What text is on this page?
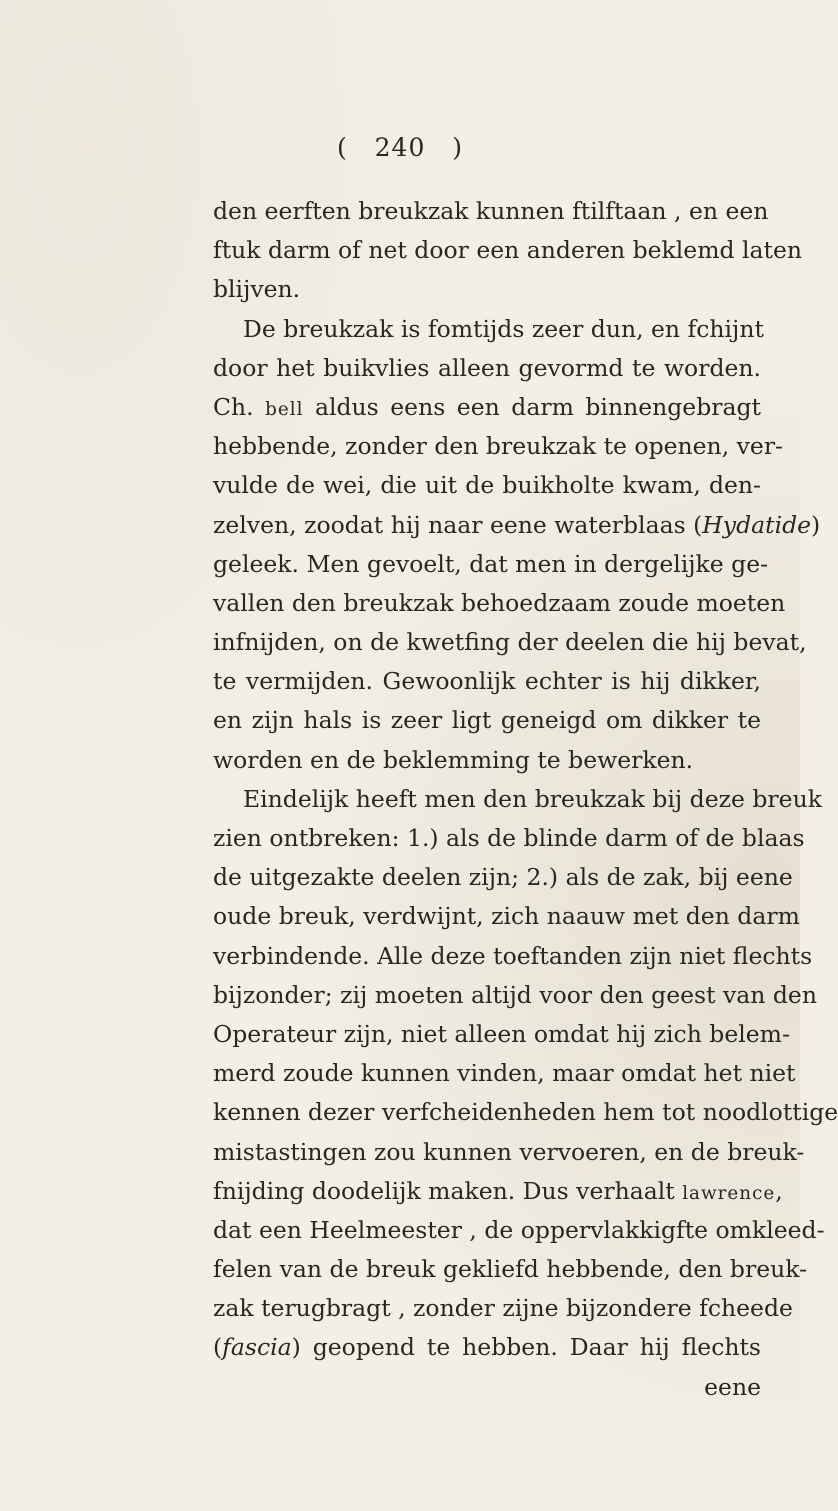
( 240 )
den eerften breukzak kunnen ftilftaan , en een
ftuk darm of net door een anderen beklemd laten
blijven.
De breukzak is fomtijds zeer dun, en fchijnt
door het buikvlies alleen gevormd te worden.
Ch. bell aldus eens een darm binnengebragt
hebbende, zonder den breukzak te openen, ver-
vulde de wei, die uit de buikholte kwam, den-
zelven, zoodat hij naar eene waterblaas (Hydatide)
geleek. Men gevoelt, dat men in dergelijke ge-
vallen den breukzak behoedzaam zoude moeten
infnijden, on de kwetfing der deelen die hij bevat,
te vermijden. Gewoonlijk echter is hij dikker,
en zijn hals is zeer ligt geneigd om dikker te
worden en de beklemming te bewerken.
Eindelijk heeft men den breukzak bij deze breuk
zien ontbreken: 1.) als de blinde darm of de blaas
de uitgezakte deelen zijn; 2.) als de zak, bij eene
oude breuk, verdwijnt, zich naauw met den darm
verbindende. Alle deze toeftanden zijn niet flechts
bijzonder; zij moeten altijd voor den geest van den
Operateur zijn, niet alleen omdat hij zich belem-
merd zoude kunnen vinden, maar omdat het niet
kennen dezer verfcheidenheden hem tot noodlottige
mistastingen zou kunnen vervoeren, en de breuk-
fnijding doodelijk maken. Dus verhaalt lawrence,
dat een Heelmeester , de oppervlakkigfte omkleed-
felen van de breuk gekliefd hebbende, den breuk-
zak terugbragt , zonder zijne bijzondere fcheede
(fascia) geopend te hebben. Daar hij flechts
eene
